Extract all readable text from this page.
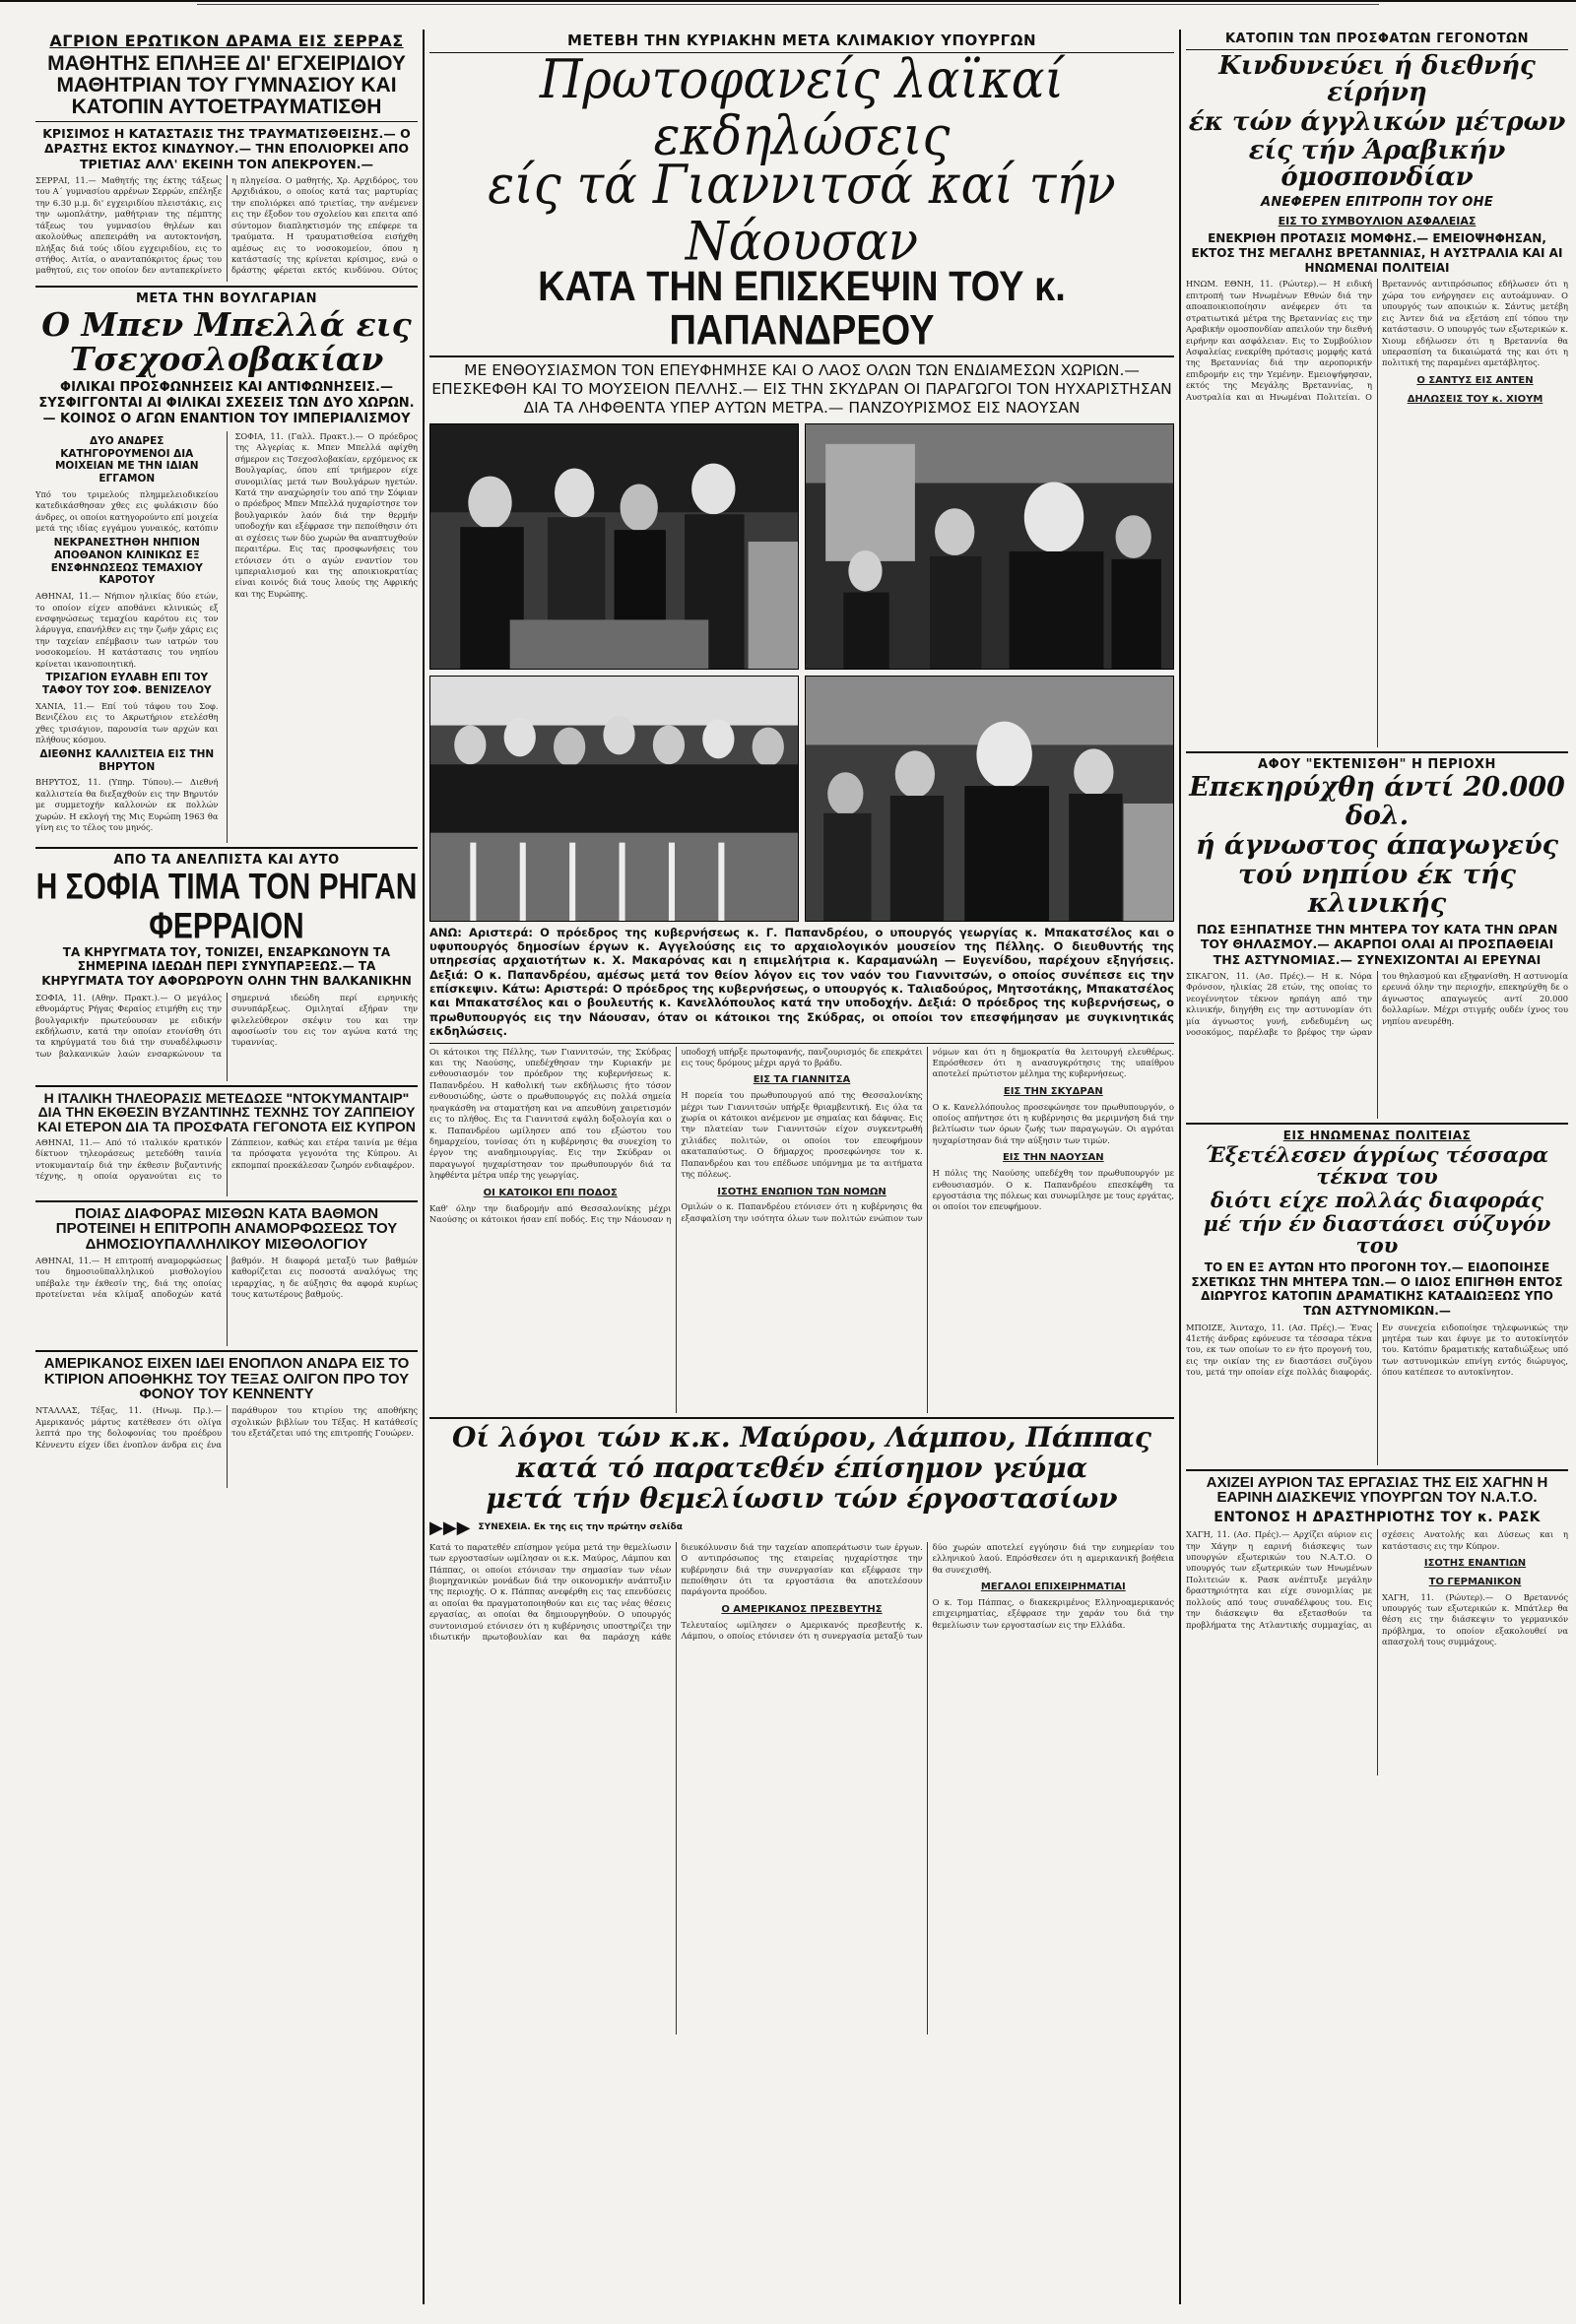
ΑΓΡΙΟΝ ΕΡΩΤΙΚΟΝ ΔΡΑΜΑ ΕΙΣ ΣΕΡΡΑΣ
ΜΑΘΗΤΗΣ ΕΠΛΗΞΕ ΔΙ' ΕΓΧΕΙΡΙΔΙΟΥ ΜΑΘΗΤΡΙΑΝ ΤΟΥ ΓΥΜΝΑΣΙΟΥ ΚΑΙ ΚΑΤΟΠΙΝ ΑΥΤΟΕΤΡΑΥΜΑΤΙΣΘΗ
ΚΡΙΣΙΜΟΣ Η ΚΑΤΑΣΤΑΣΙΣ ΤΗΣ ΤΡΑΥΜΑΤΙΣΘΕΙΣΗΣ.— Ο ΔΡΑΣΤΗΣ ΕΚΤΟΣ ΚΙΝΔΥΝΟΥ.— ΤΗΝ ΕΠΟΛΙΟΡΚΕΙ ΑΠΟ ΤΡΙΕΤΙΑΣ ΑΛΛ' ΕΚΕΙΝΗ ΤΟΝ ΑΠΕΚΡΟΥΕΝ.—
ΣΕΡΡΑΙ, 11.— Μαθητής της έκτης τάξεως του Α΄ γυμνασίου αρρένων Σερρών, επέληξε την 6.30 μ.μ. δι' εγχειριδίου πλειστάκις, εις την ωμοπλάτην, μαθήτριαν της πέμπτης τάξεως του γυμνασίου θηλέων και ακολούθως απεπειράθη να αυτοκτονήση, πλήξας διά τούς ιδίου εγχειριδίου, εις το στήθος. Αιτία, ο ανανταπόκριτος έρως του μαθητού, εις τον οποίον δεν ανταπεκρίνετο η πληγείσα. Ο μαθητής, Χρ. Αρχιδόρος, του Αρχιδιάκου, ο οποίος κατά τας μαρτυρίας την επολιόρκει από τριετίας, την ανέμενεν εις την έξοδον του σχολείου και επειτα από σύντομον διαπληκτισμόν της επέφερε τα τραύματα. Η τραυματισθείσα εισήχθη αμέσως εις το νοσοκομείον, όπου η κατάστασίς της κρίνεται κρίσιμος, ενώ ο δράστης φέρεται εκτός κινδύνου. Ούτος
ΜΕΤΑ ΤΗΝ ΒΟΥΛΓΑΡΙΑΝ
Ο Μπεν Μπελλά εις Τσεχοσλοβακίαν
ΦΙΛΙΚΑΙ ΠΡΟΣΦΩΝΗΣΕΙΣ ΚΑΙ ΑΝΤΙΦΩΝΗΣΕΙΣ.— ΣΥΣΦΙΓΓΟΝΤΑΙ ΑΙ ΦΙΛΙΚΑΙ ΣΧΕΣΕΙΣ ΤΩΝ ΔΥΟ ΧΩΡΩΝ.— ΚΟΙΝΟΣ Ο ΑΓΩΝ ΕΝΑΝΤΙΟΝ ΤΟΥ ΙΜΠΕΡΙΑΛΙΣΜΟΥ
ΔΥΟ ΑΝΔΡΕΣ ΚΑΤΗΓΟΡΟΥΜΕΝΟΙ ΔΙΑ ΜΟΙΧΕΙΑΝ ΜΕ ΤΗΝ ΙΔΙΑΝ ΕΓΓΑΜΟΝ
Υπό του τριμελούς πλημμελειοδικείου κατεδικάσθησαν χθες εις φυλάκισιν δύο άνδρες, οι οποίοι κατηγορούντο επί μοιχεία μετά της ιδίας εγγάμου γυναικός, κατόπιν
ΝΕΚΡΑΝΕΣΤΗΘΗ ΝΗΠΙΟΝ ΑΠΟΘΑΝΟΝ ΚΛΙΝΙΚΩΣ ΕΞ ΕΝΣΦΗΝΩΣΕΩΣ ΤΕΜΑΧΙΟΥ ΚΑΡΟΤΟΥ
ΑΘΗΝΑΙ, 11.— Νήπιον ηλικίας δύο ετών, το οποίον είχεν αποθάνει κλινικώς εξ ενσφηνώσεως τεμαχίου καρότου εις τον λάρυγγα, επανήλθεν εις την ζωήν χάρις εις την ταχείαν επέμβασιν των ιατρών του νοσοκομείου. Η κατάστασις του νηπίου κρίνεται ικανοποιητική.
ΤΡΙΣΑΓΙΟΝ ΕΥΛΑΒΗ ΕΠΙ ΤΟΥ ΤΑΦΟΥ ΤΟΥ ΣΟΦ. ΒΕΝΙΖΕΛΟΥ
ΧΑΝΙΑ, 11.— Επί τού τάφου του Σοφ. Βενιζέλου εις το Ακρωτήριον ετελέσθη χθες τρισάγιον, παρουσία των αρχών και πλήθους κόσμου.
ΔΙΕΘΝΗΣ ΚΑΛΛΙΣΤΕΙΑ ΕΙΣ ΤΗΝ ΒΗΡΥΤΟΝ
ΒΗΡΥΤΟΣ, 11. (Υπηρ. Τύπου).— Διεθνή καλλιστεία θα διεξαχθούν εις την Βηρυτόν με συμμετοχήν καλλονών εκ πολλών χωρών. Η εκλογή της Μις Ευρώπη 1963 θα γίνη εις το τέλος του μηνός.
ΣΟΦΙΑ, 11. (Γαλλ. Πρακτ.).— Ο πρόεδρος της Αλγερίας κ. Μπεν Μπελλά αφίχθη σήμερον εις Τσεχοσλοβακίαν, ερχόμενος εκ Βουλγαρίας, όπου επί τριήμερον είχε συνομιλίας μετά των Βουλγάρων ηγετών. Κατά την αναχώρησίν του από την Σόφιαν ο πρόεδρος Μπεν Μπελλά ηυχαρίστησε τον βουλγαρικόν λαόν διά την θερμήν υποδοχήν και εξέφρασε την πεποίθησιν ότι αι σχέσεις των δύο χωρών θα αναπτυχθούν περαιτέρω. Εις τας προσφωνήσεις του ετόνισεν ότι ο αγών εναντίον του ιμπεριαλισμού και της αποικιοκρατίας είναι κοινός διά τους λαούς της Αφρικής και της Ευρώπης.
ΑΠΟ ΤΑ ΑΝΕΛΠΙΣΤΑ ΚΑΙ ΑΥΤΟ
Η ΣΟΦΙΑ ΤΙΜΑ ΤΟΝ ΡΗΓΑΝ ΦΕΡΡΑΙΟΝ
ΤΑ ΚΗΡΥΓΜΑΤΑ ΤΟΥ, ΤΟΝΙΖΕΙ, ΕΝΣΑΡΚΩΝΟΥΝ ΤΑ ΣΗΜΕΡΙΝΑ ΙΔΕΩΔΗ ΠΕΡΙ ΣΥΝΥΠΑΡΞΕΩΣ.— ΤΑ ΚΗΡΥΓΜΑΤΑ ΤΟΥ ΑΦΟΡΩΡΟΥΝ ΟΛΗΝ ΤΗΝ ΒΑΛΚΑΝΙΚΗΝ
ΣΟΦΙΑ, 11. (Αθην. Πρακτ.).— Ο μεγάλος εθνομάρτυς Ρήγας Φεραίος ετιμήθη εις την βουλγαρικήν πρωτεύουσαν με ειδικήν εκδήλωσιν, κατά την οποίαν ετονίσθη ότι τα κηρύγματά του διά την συναδέλφωσιν των βαλκανικών λαών ενσαρκώνουν τα σημερινά ιδεώδη περί ειρηνικής συνυπάρξεως. Ομιληταί εξήραν την φιλελεύθερον σκέψιν του και την αφοσίωσίν του εις τον αγώνα κατά της τυραννίας.
Η ΙΤΑΛΙΚΗ ΤΗΛΕΟΡΑΣΙΣ ΜΕΤΕΔΩΣΕ "ΝΤΟΚΥΜΑΝΤΑΙΡ" ΔΙΑ ΤΗΝ ΕΚΘΕΣΙΝ ΒΥΖΑΝΤΙΝΗΣ ΤΕΧΝΗΣ ΤΟΥ ΖΑΠΠΕΙΟΥ ΚΑΙ ΕΤΕΡΟΝ ΔΙΑ ΤΑ ΠΡΟΣΦΑΤΑ ΓΕΓΟΝΟΤΑ ΕΙΣ ΚΥΠΡΟΝ
ΑΘΗΝΑΙ, 11.— Από τό ιταλικόν κρατικόν δίκτυον τηλεοράσεως μετεδόθη ταινία ντοκυμανταίρ διά την έκθεσιν βυζαντινής τέχνης, η οποία οργανούται εις το Ζάππειον, καθώς και ετέρα ταινία με θέμα τα πρόσφατα γεγονότα της Κύπρου. Αι εκπομπαί προεκάλεσαν ζωηρόν ενδιαφέρον.
ΠΟΙΑΣ ΔΙΑΦΟΡΑΣ ΜΙΣΘΩΝ ΚΑΤΑ ΒΑΘΜΟΝ ΠΡΟΤΕΙΝΕΙ Η ΕΠΙΤΡΟΠΗ ΑΝΑΜΟΡΦΩΣΕΩΣ ΤΟΥ ΔΗΜΟΣΙΟΥΠΑΛΛΗΛΙΚΟΥ ΜΙΣΘΟΛΟΓΙΟΥ
ΑΘΗΝΑΙ, 11.— Η επιτροπή αναμορφώσεως του δημοσιοϋπαλληλικού μισθολογίου υπέβαλε την έκθεσίν της, διά της οποίας προτείνεται νέα κλίμαξ αποδοχών κατά βαθμόν. Η διαφορά μεταξύ των βαθμών καθορίζεται εις ποσοστά αναλόγως της ιεραρχίας, η δε αύξησις θα αφορά κυρίως τους κατωτέρους βαθμούς.
ΑΜΕΡΙΚΑΝΟΣ ΕΙΧΕΝ ΙΔΕΙ ΕΝΟΠΛΟΝ ΑΝΔΡΑ ΕΙΣ ΤΟ ΚΤΙΡΙΟΝ ΑΠΟΘΗΚΗΣ ΤΟΥ ΤΕΞΑΣ ΟΛΙΓΟΝ ΠΡΟ ΤΟΥ ΦΟΝΟΥ ΤΟΥ ΚΕΝΝΕΝΤΥ
ΝΤΑΛΛΑΣ, Τέξας, 11. (Ηνωμ. Πρ.).— Αμερικανός μάρτυς κατέθεσεν ότι ολίγα λεπτά προ της δολοφονίας του προέδρου Κέννεντυ είχεν ίδει ένοπλον άνδρα εις ένα παράθυρον του κτιρίου της αποθήκης σχολικών βιβλίων του Τέξας. Η κατάθεσίς του εξετάζεται υπό της επιτροπής Γουώρεν.
ΜΕΤΕΒΗ ΤΗΝ ΚΥΡΙΑΚΗΝ ΜΕΤΑ ΚΛΙΜΑΚΙΟΥ ΥΠΟΥΡΓΩΝ
Πρωτοφανείς λαϊκαί εκδηλώσεις
είς τά Γιαννιτσά καί τήν Νάουσαν
ΚΑΤΑ ΤΗΝ ΕΠΙΣΚΕΨΙΝ ΤΟΥ κ. ΠΑΠΑΝΔΡΕΟΥ
ΜΕ ΕΝΘΟΥΣΙΑΣΜΟΝ ΤΟΝ ΕΠΕΥΦΗΜΗΣΕ ΚΑΙ Ο ΛΑΟΣ ΟΛΩΝ ΤΩΝ ΕΝΔΙΑΜΕΣΩΝ ΧΩΡΙΩΝ.— ΕΠΕΣΚΕΦΘΗ ΚΑΙ ΤΟ ΜΟΥΣΕΙΟΝ ΠΕΛΛΗΣ.— ΕΙΣ ΤΗΝ ΣΚΥΔΡΑΝ ΟΙ ΠΑΡΑΓΩΓΟΙ ΤΟΝ ΗΥΧΑΡΙΣΤΗΣΑΝ ΔΙΑ ΤΑ ΛΗΦΘΕΝΤΑ ΥΠΕΡ ΑΥΤΩΝ ΜΕΤΡΑ.— ΠΑΝΖΟΥΡΙΣΜΟΣ ΕΙΣ ΝΑΟΥΣΑΝ
ΑΝΩ: Αριστερά: Ο πρόεδρος της κυβερνήσεως κ. Γ. Παπανδρέου, ο υπουργός γεωργίας κ. Μπακατσέλος και ο υφυπουργός δημοσίων έργων κ. Αγγελούσης εις το αρχαιολογικόν μουσείον της Πέλλης. Ο διευθυντής της υπηρεσίας αρχαιοτήτων κ. Χ. Μακαρόνας και η επιμελήτρια κ. Καραμανώλη — Ευγενίδου, παρέχουν εξηγήσεις. Δεξιά: Ο κ. Παπανδρέου, αμέσως μετά τον θείον λόγον εις τον ναόν του Γιαννιτσών, ο οποίος συνέπεσε εις την επίσκεψιν. Κάτω: Αριστερά: Ο πρόεδρος της κυβερνήσεως, ο υπουργός κ. Ταλιαδούρος, Μητσοτάκης, Μπακατσέλος και Μπακατσέλος και ο βουλευτής κ. Κανελλόπουλος κατά την υποδοχήν. Δεξιά: Ο πρόεδρος της κυβερνήσεως, ο πρωθυπουργός εις την Νάουσαν, όταν οι κάτοικοι της Σκύδρας, οι οποίοι τον επεσφήμησαν με συγκινητικάς εκδηλώσεις.
Οι κάτοικοι της Πέλλης, των Γιαννιτσών, της Σκύδρας και της Ναούσης, υπεδέχθησαν την Κυριακήν με ενθουσιασμόν τον πρόεδρον της κυβερνήσεως κ. Παπανδρέου. Η καθολική των εκδήλωσις ήτο τόσον ενθουσιώδης, ώστε ο πρωθυπουργός εις πολλά σημεία ηναγκάσθη να σταματήση και να απευθύνη χαιρετισμόν εις το πλήθος. Εις τα Γιαννιτσά εψάλη δοξολογία και ο κ. Παπανδρέου ωμίλησεν από του εξώστου του δημαρχείου, τονίσας ότι η κυβέρνησις θα συνεχίση το έργον της αναδημιουργίας. Εις την Σκύδραν οι παραγωγοί ηυχαρίστησαν τον πρωθυπουργόν διά τα ληφθέντα μέτρα υπέρ της γεωργίας.
ΟΙ ΚΑΤΟΙΚΟΙ ΕΠΙ ΠΟΔΟΣ
Καθ' όλην την διαδρομήν από Θεσσαλονίκης μέχρι Ναούσης οι κάτοικοι ήσαν επί ποδός. Εις την Νάουσαν η υποδοχή υπήρξε πρωτοφανής, πανζουρισμός δε επεκράτει εις τους δρόμους μέχρι αργά το βράδυ.
ΕΙΣ ΤΑ ΓΙΑΝΝΙΤΣΑ
Η πορεία του πρωθυπουργού από της Θεσσαλονίκης μέχρι των Γιαννιτσών υπήρξε θριαμβευτική. Εις όλα τα χωρία οι κάτοικοι ανέμενον με σημαίας και δάφνας. Εις την πλατείαν των Γιαννιτσών είχον συγκεντρωθή χιλιάδες πολιτών, οι οποίοι τον επευφήμουν ακαταπαύστως. Ο δήμαρχος προσεφώνησε τον κ. Παπανδρέου και του επέδωσε υπόμνημα με τα αιτήματα της πόλεως.
ΙΣΟΤΗΣ ΕΝΩΠΙΟΝ ΤΩΝ ΝΟΜΩΝ
Ομιλών ο κ. Παπανδρέου ετόνισεν ότι η κυβέρνησις θα εξασφαλίση την ισότητα όλων των πολιτών ενώπιον των νόμων και ότι η δημοκρατία θα λειτουργή ελευθέρως. Επρόσθεσεν ότι η ανασυγκρότησις της υπαίθρου αποτελεί πρώτιστον μέλημα της κυβερνήσεως.
ΕΙΣ ΤΗΝ ΣΚΥΔΡΑΝ
Ο κ. Κανελλόπουλος προσεφώνησε τον πρωθυπουργόν, ο οποίος απήντησε ότι η κυβέρνησις θα μεριμνήση διά την βελτίωσιν των όρων ζωής των παραγωγών. Οι αγρόται ηυχαρίστησαν διά την αύξησιν των τιμών.
ΕΙΣ ΤΗΝ ΝΑΟΥΣΑΝ
Η πόλις της Ναούσης υπεδέχθη τον πρωθυπουργόν με ενθουσιασμόν. Ο κ. Παπανδρέου επεσκέφθη τα εργοστάσια της πόλεως και συνωμίλησε με τους εργάτας, οι οποίοι τον επευφήμουν.
Οί λόγοι τών κ.κ. Μαύρου, Λάμπου, Πάππας
κατά τό παρατεθέν έπίσημον γεύμα
μετά τήν θεμελίωσιν τών έργοστασίων
▶▶▶ ΣΥΝΕΧΕΙΑ. Εκ της εις την πρώτην σελίδα
Κατά το παρατεθέν επίσημον γεύμα μετά την θεμελίωσιν των εργοστασίων ωμίλησαν οι κ.κ. Μαύρος, Λάμπου και Πάππας, οι οποίοι ετόνισαν την σημασίαν των νέων βιομηχανικών μονάδων διά την οικονομικήν ανάπτυξιν της περιοχής. Ο κ. Πάππας ανεφέρθη εις τας επενδύσεις αι οποίαι θα πραγματοποιηθούν και εις τας νέας θέσεις εργασίας, αι οποίαι θα δημιουργηθούν. Ο υπουργός συντονισμού ετόνισεν ότι η κυβέρνησις υποστηρίζει την ιδιωτικήν πρωτοβουλίαν και θα παράσχη κάθε διευκόλυνσιν διά την ταχείαν αποπεράτωσιν των έργων. Ο αντιπρόσωπος της εταιρείας ηυχαρίστησε την κυβέρνησιν διά την συνεργασίαν και εξέφρασε την πεποίθησιν ότι τα εργοστάσια θα αποτελέσουν παράγοντα προόδου.
Ο ΑΜΕΡΙΚΑΝΟΣ ΠΡΕΣΒΕΥΤΗΣ
Τελευταίος ωμίλησεν ο Αμερικανός πρεσβευτής κ. Λάμπου, ο οποίος ετόνισεν ότι η συνεργασία μεταξύ των δύο χωρών αποτελεί εγγύησιν διά την ευημερίαν του ελληνικού λαού. Επρόσθεσεν ότι η αμερικανική βοήθεια θα συνεχισθή.
ΜΕΓΑΛΟΙ ΕΠΙΧΕΙΡΗΜΑΤΙΑΙ
Ο κ. Τομ Πάππας, ο διακεκριμένος Ελληνοαμερικανός επιχειρηματίας, εξέφρασε την χαράν του διά την θεμελίωσιν των εργοστασίων εις την Ελλάδα.
ΚΑΤΟΠΙΝ ΤΩΝ ΠΡΟΣΦΑΤΩΝ ΓΕΓΟΝΟΤΩΝ
Κινδυνεύει ή διεθνής είρήνη
έκ τών άγγλικών μέτρων
είς τήν Άραβικήν όμοσπονδίαν
ΑΝΕΦΕΡΕΝ ΕΠΙΤΡΟΠΗ ΤΟΥ ΟΗΕ
ΕΙΣ ΤΟ ΣΥΜΒΟΥΛΙΟΝ ΑΣΦΑΛΕΙΑΣ
ΕΝΕΚΡΙΘΗ ΠΡΟΤΑΣΙΣ ΜΟΜΦΗΣ.— ΕΜΕΙΟΨΗΦΗΣΑΝ, ΕΚΤΟΣ ΤΗΣ ΜΕΓΑΛΗΣ ΒΡΕΤΑΝΝΙΑΣ, Η ΑΥΣΤΡΑΛΙΑ ΚΑΙ ΑΙ ΗΝΩΜΕΝΑΙ ΠΟΛΙΤΕΙΑΙ
ΗΝΩΜ. ΕΘΝΗ, 11. (Ρώυτερ).— Η ειδική επιτροπή των Ηνωμένων Εθνών διά την αποαποικιοποίησιν ανέφερεν ότι τα στρατιωτικά μέτρα της Βρεταννίας εις την Αραβικήν ομοσπονδίαν απειλούν την διεθνή ειρήνην και ασφάλειαν. Εις το Συμβούλιον Ασφαλείας ενεκρίθη πρότασις μομφής κατά της Βρεταννίας διά την αεροπορικήν επιδρομήν εις την Υεμένην. Εμειοψήφησαν, εκτός της Μεγάλης Βρεταννίας, η Αυστραλία και αι Ηνωμέναι Πολιτείαι. Ο Βρεταννός αντιπρόσωπος εδήλωσεν ότι η χώρα του ενήργησεν εις αυτοάμυναν. Ο υπουργός των αποικιών κ. Σάντυς μετέβη εις Άντεν διά να εξετάση επί τόπου την κατάστασιν. Ο υπουργός των εξωτερικών κ. Χιουμ εδήλωσεν ότι η Βρεταννία θα υπερασπίση τα δικαιώματά της και ότι η πολιτική της παραμένει αμετάβλητος.
Ο ΣΑΝΤΥΣ ΕΙΣ ΑΝΤΕΝ
ΔΗΛΩΣΕΙΣ ΤΟΥ κ. ΧΙΟΥΜ
ΑΦΟΥ "ΕΚΤΕΝΙΣΘΗ" Η ΠΕΡΙΟΧΗ
Επεκηρύχθη άντί 20.000 δολ.
ή άγνωστος άπαγωγεύς
τού νηπίου έκ τής κλινικής
ΠΩΣ ΕΞΗΠΑΤΗΣΕ ΤΗΝ ΜΗΤΕΡΑ ΤΟΥ ΚΑΤΑ ΤΗΝ ΩΡΑΝ ΤΟΥ ΘΗΛΑΣΜΟΥ.— ΑΚΑΡΠΟΙ ΟΛΑΙ ΑΙ ΠΡΟΣΠΑΘΕΙΑΙ ΤΗΣ ΑΣΤΥΝΟΜΙΑΣ.— ΣΥΝΕΧΙΖΟΝΤΑΙ ΑΙ ΕΡΕΥΝΑΙ
ΣΙΚΑΓΟΝ, 11. (Ασ. Πρές).— Η κ. Νόρα Φρόνσον, ηλικίας 28 ετών, της οποίας το νεογέννητον τέκνον ηρπάγη από την κλινικήν, διηγήθη εις την αστυνομίαν ότι μία άγνωστος γυνή, ενδεδυμένη ως νοσοκόμος, παρέλαβε το βρέφος την ώραν του θηλασμού και εξηφανίσθη. Η αστυνομία ερευνά όλην την περιοχήν, επεκηρύχθη δε ο άγνωστος απαγωγεύς αντί 20.000 δολλαρίων. Μέχρι στιγμής ουδέν ίχνος του νηπίου ανευρέθη.
ΕΙΣ ΗΝΩΜΕΝΑΣ ΠΟΛΙΤΕΙΑΣ
Έξετέλεσεν άγρίως τέσσαρα τέκνα του
διότι είχε πολλάς διαφοράς
μέ τήν έν διαστάσει σύζυγόν του
ΤΟ ΕΝ ΕΞ ΑΥΤΩΝ ΗΤΟ ΠΡΟΓΟΝΗ ΤΟΥ.— ΕΙΔΟΠΟΙΗΣΕ ΣΧΕΤΙΚΩΣ ΤΗΝ ΜΗΤΕΡΑ ΤΩΝ.— Ο ΙΔΙΟΣ ΕΠΙΓΗΘΗ ΕΝΤΟΣ ΔΙΩΡΥΓΟΣ ΚΑΤΟΠΙΝ ΔΡΑΜΑΤΙΚΗΣ ΚΑΤΑΔΙΩΞΕΩΣ ΥΠΟ ΤΩΝ ΑΣΤΥΝΟΜΙΚΩΝ.—
ΜΠΟΙΖΕ, Άινταχο, 11. (Ασ. Πρές).— Ένας 41ετής άνδρας εφόνευσε τα τέσσαρα τέκνα του, εκ των οποίων το εν ήτο προγονή του, εις την οικίαν της εν διαστάσει συζύγου του, μετά την οποίαν είχε πολλάς διαφοράς. Εν συνεχεία ειδοποίησε τηλεφωνικώς την μητέρα των και έφυγε με το αυτοκίνητόν του. Κατόπιν δραματικής καταδιώξεως υπό των αστυνομικών επνίγη εντός διώρυγος, όπου κατέπεσε το αυτοκίνητον.
ΑΧΙΖΕΙ ΑΥΡΙΟΝ ΤΑΣ ΕΡΓΑΣΙΑΣ ΤΗΣ ΕΙΣ ΧΑΓΗΝ Η ΕΑΡΙΝΗ ΔΙΑΣΚΕΨΙΣ ΥΠΟΥΡΓΩΝ ΤΟΥ Ν.Α.Τ.Ο.
ΕΝΤΟΝΟΣ Η ΔΡΑΣΤΗΡΙΟΤΗΣ ΤΟΥ κ. ΡΑΣΚ
ΧΑΓΗ, 11. (Ασ. Πρές).— Αρχίζει αύριον εις την Χάγην η εαρινή διάσκεψις των υπουργών εξωτερικών του Ν.Α.Τ.Ο. Ο υπουργός των εξωτερικών των Ηνωμένων Πολιτειών κ. Ρασκ ανέπτυξε μεγάλην δραστηριότητα και είχε συνομιλίας με πολλούς από τους συναδέλφους του. Εις την διάσκεψιν θα εξετασθούν τα προβλήματα της Ατλαντικής συμμαχίας, αι σχέσεις Ανατολής και Δύσεως και η κατάστασις εις την Κύπρον.
ΙΣΟΤΗΣ ΕΝΑΝΤΙΩΝ
ΤΟ ΓΕΡΜΑΝΙΚΟΝ
ΧΑΓΗ, 11. (Ρώυτερ).— Ο Βρεταννός υπουργός των εξωτερικών κ. Μπάτλερ θα θέση εις την διάσκεψιν το γερμανικόν πρόβλημα, το οποίον εξακολουθεί να απασχολή τους συμμάχους.
